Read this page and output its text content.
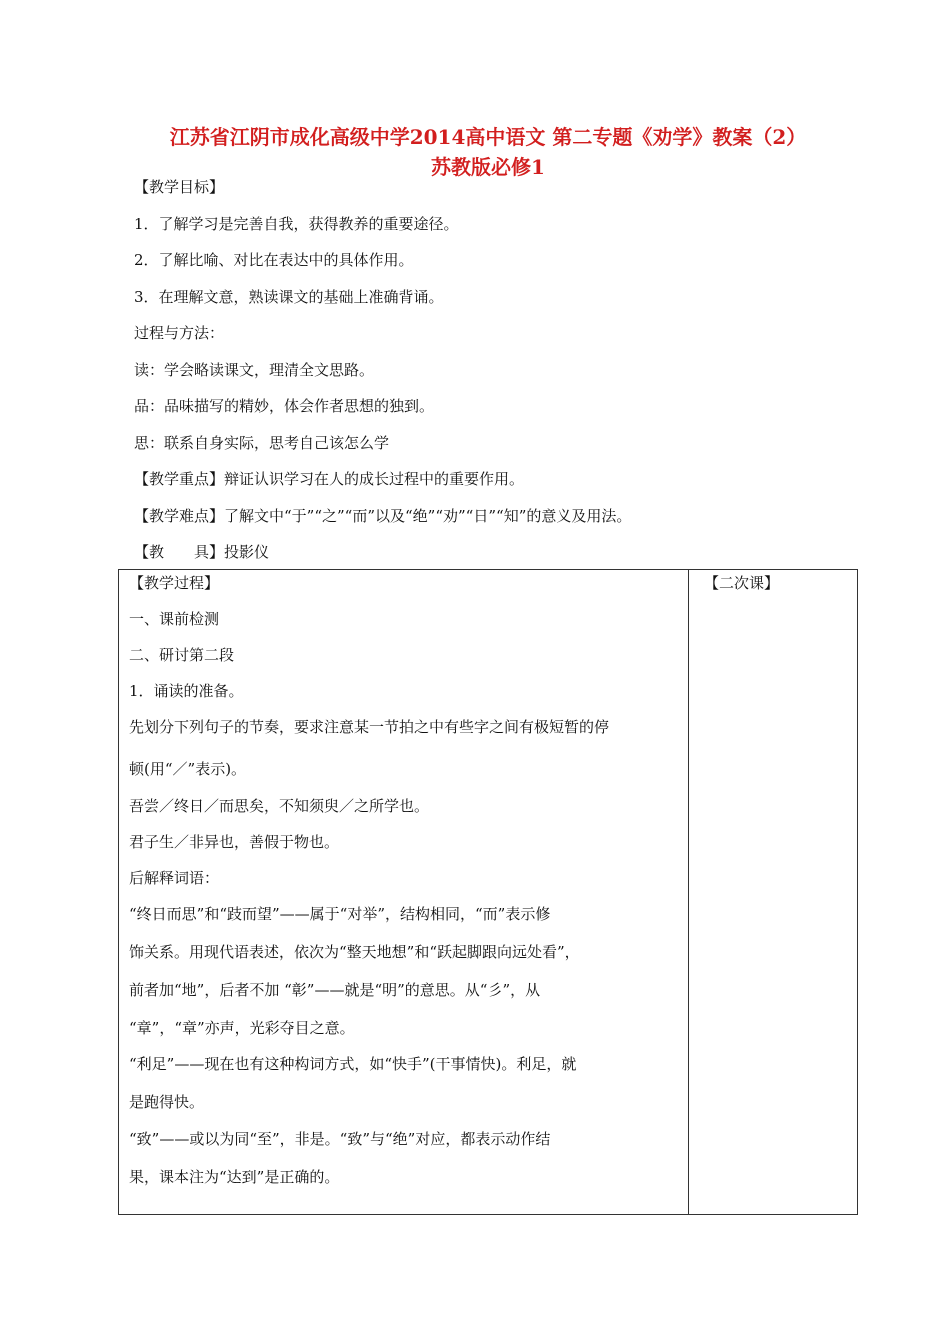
江苏省江阴市成化高级中学2014高中语文 第二专题《劝学》教案（2）
苏教版必修1
【教学目标】
1．了解学习是完善自我，获得教养的重要途径。
2．了解比喻、对比在表达中的具体作用。
3．在理解文意，熟读课文的基础上准确背诵。
过程与方法：
读：学会略读课文，理清全文思路。
品：品味描写的精妙，体会作者思想的独到。
思：联系自身实际，思考自己该怎么学
【教学重点】辩证认识学习在人的成长过程中的重要作用。
【教学难点】了解文中“于”“之”“而”以及“绝”“劝”“日”“知”的意义及用法。
【教　　具】投影仪
【教学过程】
一、课前检测
二、研讨第二段
1．诵读的准备。
先划分下列句子的节奏，要求注意某一节拍之中有些字之间有极短暂的停
顿(用“／”表示)。
吾尝／终日／而思矣，不知须臾／之所学也。
君子生／非异也，善假于物也。
后解释词语：
“终日而思”和“跂而望”——属于“对举”，结构相同，“而”表示修
饰关系。用现代语表述，依次为“整天地想”和“跃起脚跟向远处看”，
前者加“地”，后者不加 “彰”——就是“明”的意思。从“彡”，从
“章”，“章”亦声，光彩夺目之意。
“利足”——现在也有这种构词方式，如“快手”(干事情快)。利足，就
是跑得快。
“致”——或以为同“至”，非是。“致”与“绝”对应，都表示动作结
果，课本注为“达到”是正确的。
【二次课】
